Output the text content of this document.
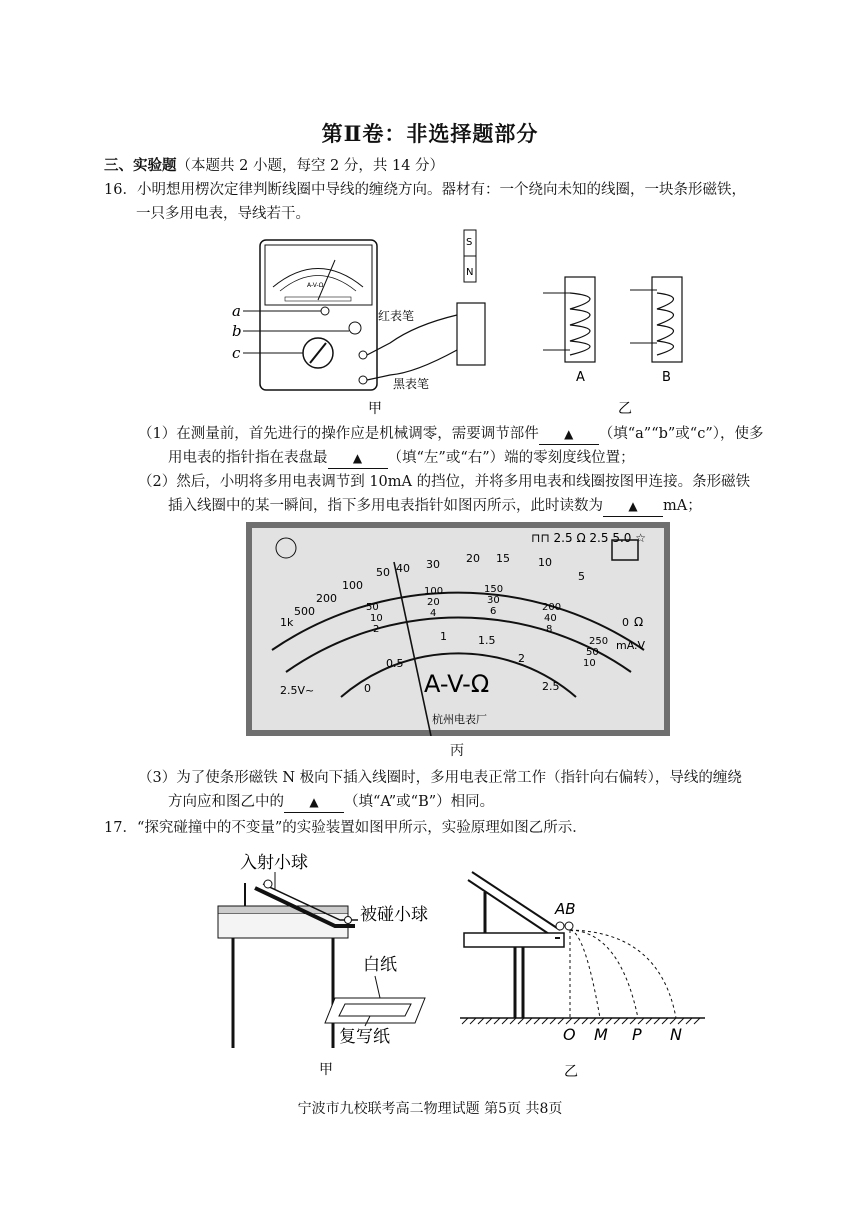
第Ⅱ卷：非选择题部分
三、实验题（本题共 2 小题，每空 2 分，共 14 分）
16．小明想用楞次定律判断线圈中导线的缠绕方向。器材有：一个绕向未知的线圈，一块条形磁铁，
一只多用电表，导线若干。
A-V-Ω
a
b
c
红表笔
黑表笔
S
N
A	B
甲	乙
（1）在测量前，首先进行的操作应是机械调零，需要调节部件 ▲ （填“a”“b”或“c”），使多
用电表的指针指在表盘最 ▲ （填“左”或“右”）端的零刻度线位置；
（2）然后，小明将多用电表调节到 10mA 的挡位，并将多用电表和线圈按图甲连接。条形磁铁
插入线圈中的某一瞬间，指下多用电表指针如图丙所示，此时读数为 ▲ mA；
1k
500
200
100
50 40 30 20 15	10
5
0 Ω
50
10
2
100
20
4
150
30
6	200
40
8
250
50
10
mA.V
0
0.5
1	1.5
2
2.5
2.5V~	A-V-Ω
杭州电表厂
⊓⊓ 2.5 Ω 2.5 5.0 ☆
丙
（3）为了使条形磁铁 N 极向下插入线圈时，多用电表正常工作（指针向右偏转），导线的缠绕
方向应和图乙中的 ▲ （填“A”或“B”）相同。
17．“探究碰撞中的不变量”的实验装置如图甲所示，实验原理如图乙所示．
入射小球
被碰小球
白纸
复写纸
甲
AB
O M P N
乙
宁波市九校联考高二物理试题 第5页 共8页
